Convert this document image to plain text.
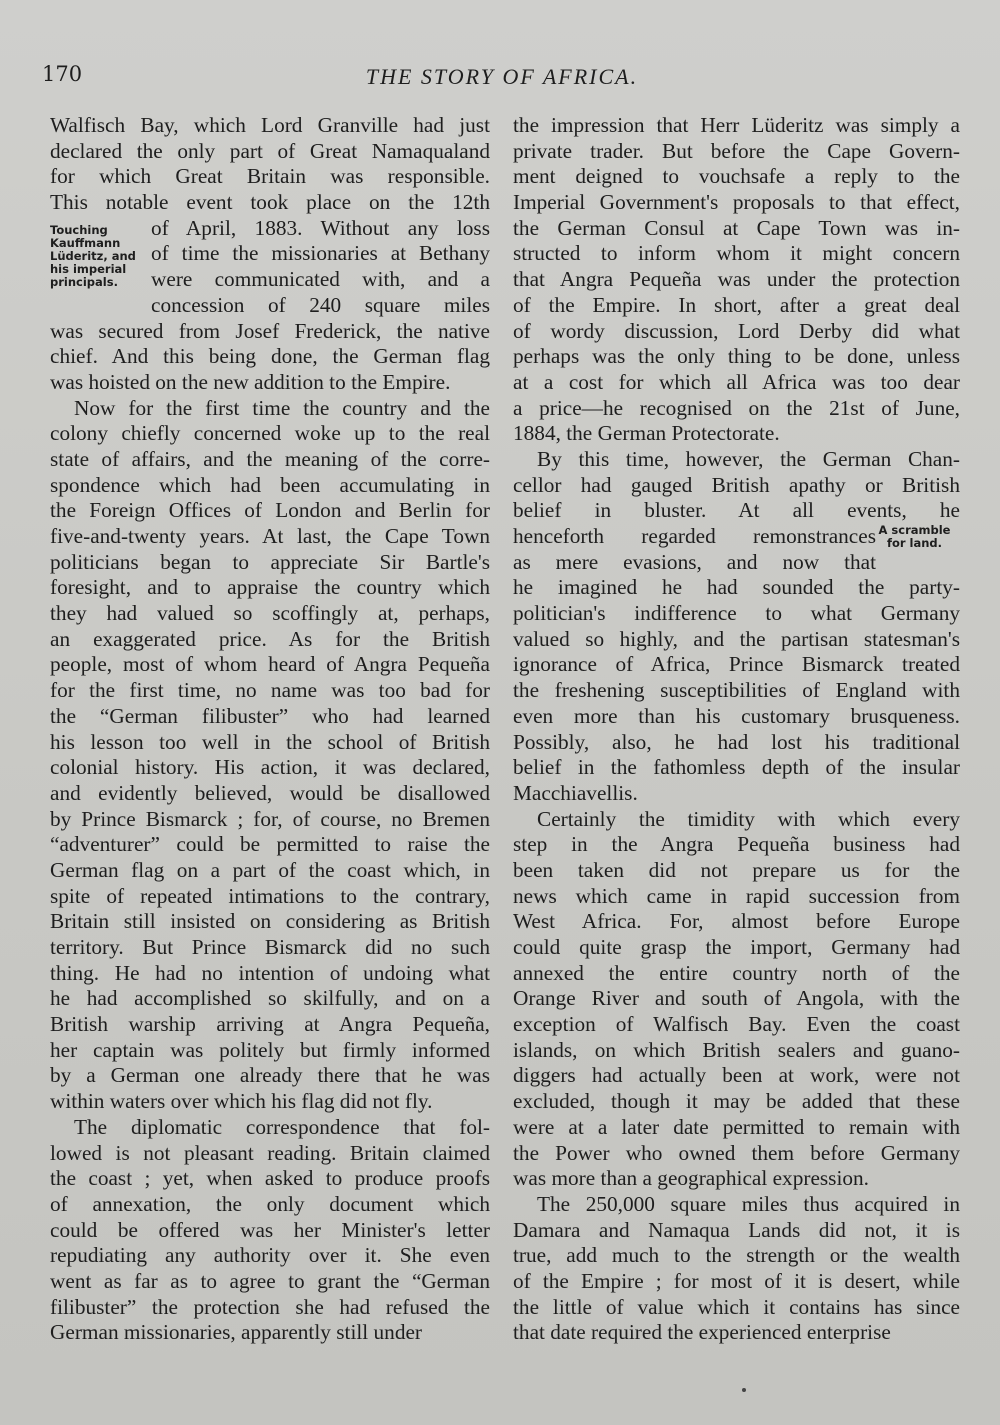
170	THE STORY OF AFRICA.
Walfisch Bay, which Lord Granville had just
declared the only part of Great Namaqualand
for which Great Britain was responsible.
This notable event took place on the 12th
of April, 1883. Without any loss
of time the missionaries at Bethany
were communicated with, and a
concession of 240 square miles
was secured from Josef Frederick, the native
chief. And this being done, the German flag
was hoisted on the new addition to the Empire.
Now for the first time the country and the
colony chiefly concerned woke up to the real
state of affairs, and the meaning of the corre-
spondence which had been accumulating in
the Foreign Offices of London and Berlin for
five-and-twenty years. At last, the Cape Town
politicians began to appreciate Sir Bartle's
foresight, and to appraise the country which
they had valued so scoffingly at, perhaps,
an exaggerated price. As for the British
people, most of whom heard of Angra Pequeña
for the first time, no name was too bad for
the “German filibuster” who had learned
his lesson too well in the school of British
colonial history. His action, it was declared,
and evidently believed, would be disallowed
by Prince Bismarck ; for, of course, no Bremen
“adventurer” could be permitted to raise the
German flag on a part of the coast which, in
spite of repeated intimations to the contrary,
Britain still insisted on considering as British
territory. But Prince Bismarck did no such
thing. He had no intention of undoing what
he had accomplished so skilfully, and on a
British warship arriving at Angra Pequeña,
her captain was politely but firmly informed
by a German one already there that he was
within waters over which his flag did not fly.
The diplomatic correspondence that fol-
lowed is not pleasant reading. Britain claimed
the coast ; yet, when asked to produce proofs
of annexation, the only document which
could be offered was her Minister's letter
repudiating any authority over it. She even
went as far as to agree to grant the “German
filibuster” the protection she had refused the
German missionaries, apparently still under
the impression that Herr Lüderitz was simply a
private trader. But before the Cape Govern-
ment deigned to vouchsafe a reply to the
Imperial Government's proposals to that effect,
the German Consul at Cape Town was in-
structed to inform whom it might concern
that Angra Pequeña was under the protection
of the Empire. In short, after a great deal
of wordy discussion, Lord Derby did what
perhaps was the only thing to be done, unless
at a cost for which all Africa was too dear
a price—he recognised on the 21st of June,
1884, the German Protectorate.
By this time, however, the German Chan-
cellor had gauged British apathy or British
belief in bluster. At all events, he
henceforth regarded remonstrances
as mere evasions, and now that
he imagined he had sounded the party-
politician's indifference to what Germany
valued so highly, and the partisan statesman's
ignorance of Africa, Prince Bismarck treated
the freshening susceptibilities of England with
even more than his customary brusqueness.
Possibly, also, he had lost his traditional
belief in the fathomless depth of the insular
Macchiavellis.
Certainly the timidity with which every
step in the Angra Pequeña business had
been taken did not prepare us for the
news which came in rapid succession from
West Africa. For, almost before Europe
could quite grasp the import, Germany had
annexed the entire country north of the
Orange River and south of Angola, with the
exception of Walfisch Bay. Even the coast
islands, on which British sealers and guano-
diggers had actually been at work, were not
excluded, though it may be added that these
were at a later date permitted to remain with
the Power who owned them before Germany
was more than a geographical expression.
The 250,000 square miles thus acquired in
Damara and Namaqua Lands did not, it is
true, add much to the strength or the wealth
of the Empire ; for most of it is desert, while
the little of value which it contains has since
that date required the experienced enterprise
Touching
Kauffmann
Lüderitz, and
his imperial
principals.
A scramble
for land.
